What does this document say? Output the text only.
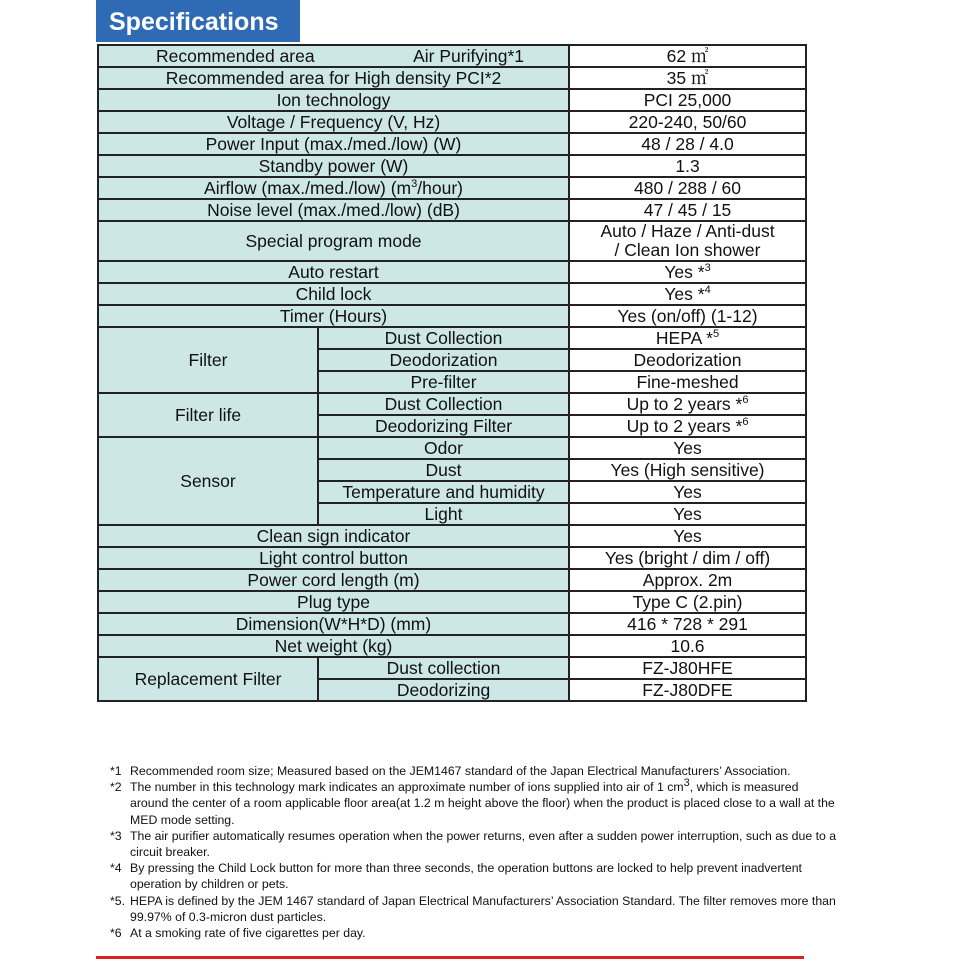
Specifications
Recommended area Air Purifying*1		62 ㎡
Recommended area for High density PCI*2		35 ㎡
Ion technology		PCI 25,000
Voltage / Frequency (V, Hz)		220-240, 50/60
Power Input (max./med./low) (W)		48 / 28 / 4.0
Standby power (W)		1.3
Airflow (max./med./low) $(m^3/hour)$		480 / 288 / 60
Noise level (max./med./low) (dB)		47 / 45 / 15
Special program mode		Auto / Haze / Anti-dust
/ Clean Ion shower

Auto restart		Yes *$^3$
Child lock		Yes *$^4$
Timer (Hours)		Yes (on/off) (1-12)
Filter	Dust Collection	HEPA *$^5$
	Deodorization	Deodorization
	Pre-filter	Fine-meshed
Filter life	Dust Collection	Up to 2 years *$^6$
	Deodorizing Filter	Up to 2 years *$^6$
Sensor	Odor	Yes
	Dust	Yes (High sensitive)
	Temperature and humidity	Yes
	Light	Yes
Clean sign indicator		Yes
Light control button		Yes (bright / dim / off)
Power cord length (m)		Approx. 2m
Plug type		Type C (2.pin)
Dimension(W*H*D) (mm)		416 * 728 * 291
Net weight (kg)		10.6
Replacement Filter	Dust collection	FZ-J80HFE
	Deodorizing	FZ-J80DFE
*1 Recommended room size; Measured based on the JEM1467 standard of the Japan Electrical Manufacturers’ Association.
*2 The number in this technology mark indicates an approximate number of ions supplied into air of 1 $cm^3$, which is measured around the center of a room applicable floor area(at 1.2 m height above the floor) when the product is placed close to a wall at the MED mode setting.
*3 The air purifier automatically resumes operation when the power returns, even after a sudden power interruption, such as due to a circuit breaker.
*4 By pressing the Child Lock button for more than three seconds, the operation buttons are locked to help prevent inadvertent operation by children or pets.
*5. HEPA is defined by the JEM 1467 standard of Japan Electrical Manufacturers’ Association Standard. The filter removes more than 99.97% of 0.3-micron dust particles.
*6 At a smoking rate of five cigarettes per day.
